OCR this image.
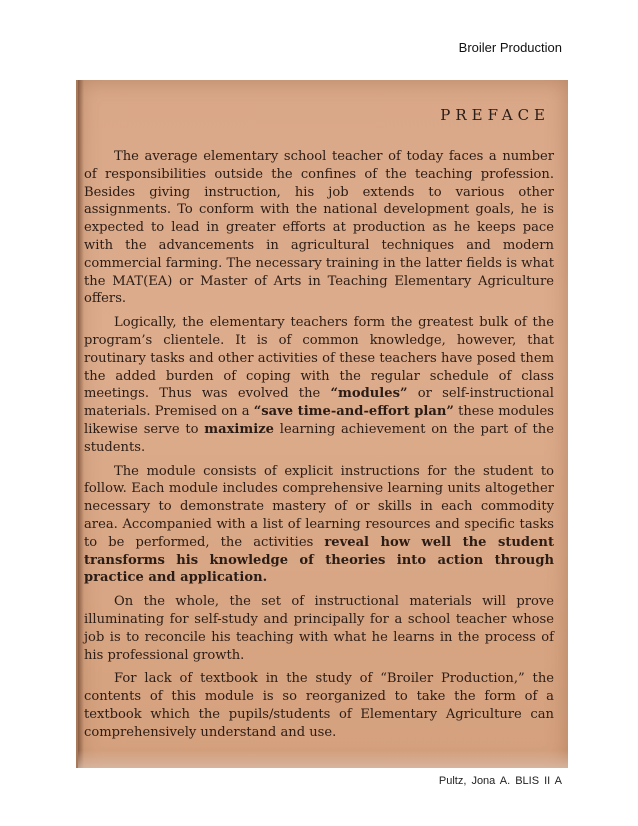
Broiler Production
PREFACE

The average elementary school teacher of today faces a number of responsibilities outside the confines of the teaching profession. Besides giving instruction, his job extends to various other assignments. To conform with the national development goals, he is expected to lead in greater efforts at production as he keeps pace with the advancements in agricultural techniques and modern commercial farming. The necessary training in the latter fields is what the MAT(EA) or Master of Arts in Teaching Elementary Agriculture offers.

Logically, the elementary teachers form the greatest bulk of the program’s clientele. It is of common knowledge, however, that routinary tasks and other activities of these teachers have posed them the added burden of coping with the regular schedule of class meetings. Thus was evolved the “modules” or self-instructional materials. Premised on a “save time-and-effort plan” these modules likewise serve to maximize learning achievement on the part of the students.

The module consists of explicit instructions for the student to follow. Each module includes comprehensive learning units altogether necessary to demonstrate mastery of or skills in each commodity area. Accompanied with a list of learning resources and specific tasks to be performed, the activities reveal how well the student transforms his knowledge of theories into action through practice and application.

On the whole, the set of instructional materials will prove illuminating for self-study and principally for a school teacher whose job is to reconcile his teaching with what he learns in the process of his professional growth.

For lack of textbook in the study of “Broiler Production,” the contents of this module is so reorganized to take the form of a textbook which the pupils/students of Elementary Agriculture can comprehensively understand and use.

Pultz, Jona A. BLIS II A
